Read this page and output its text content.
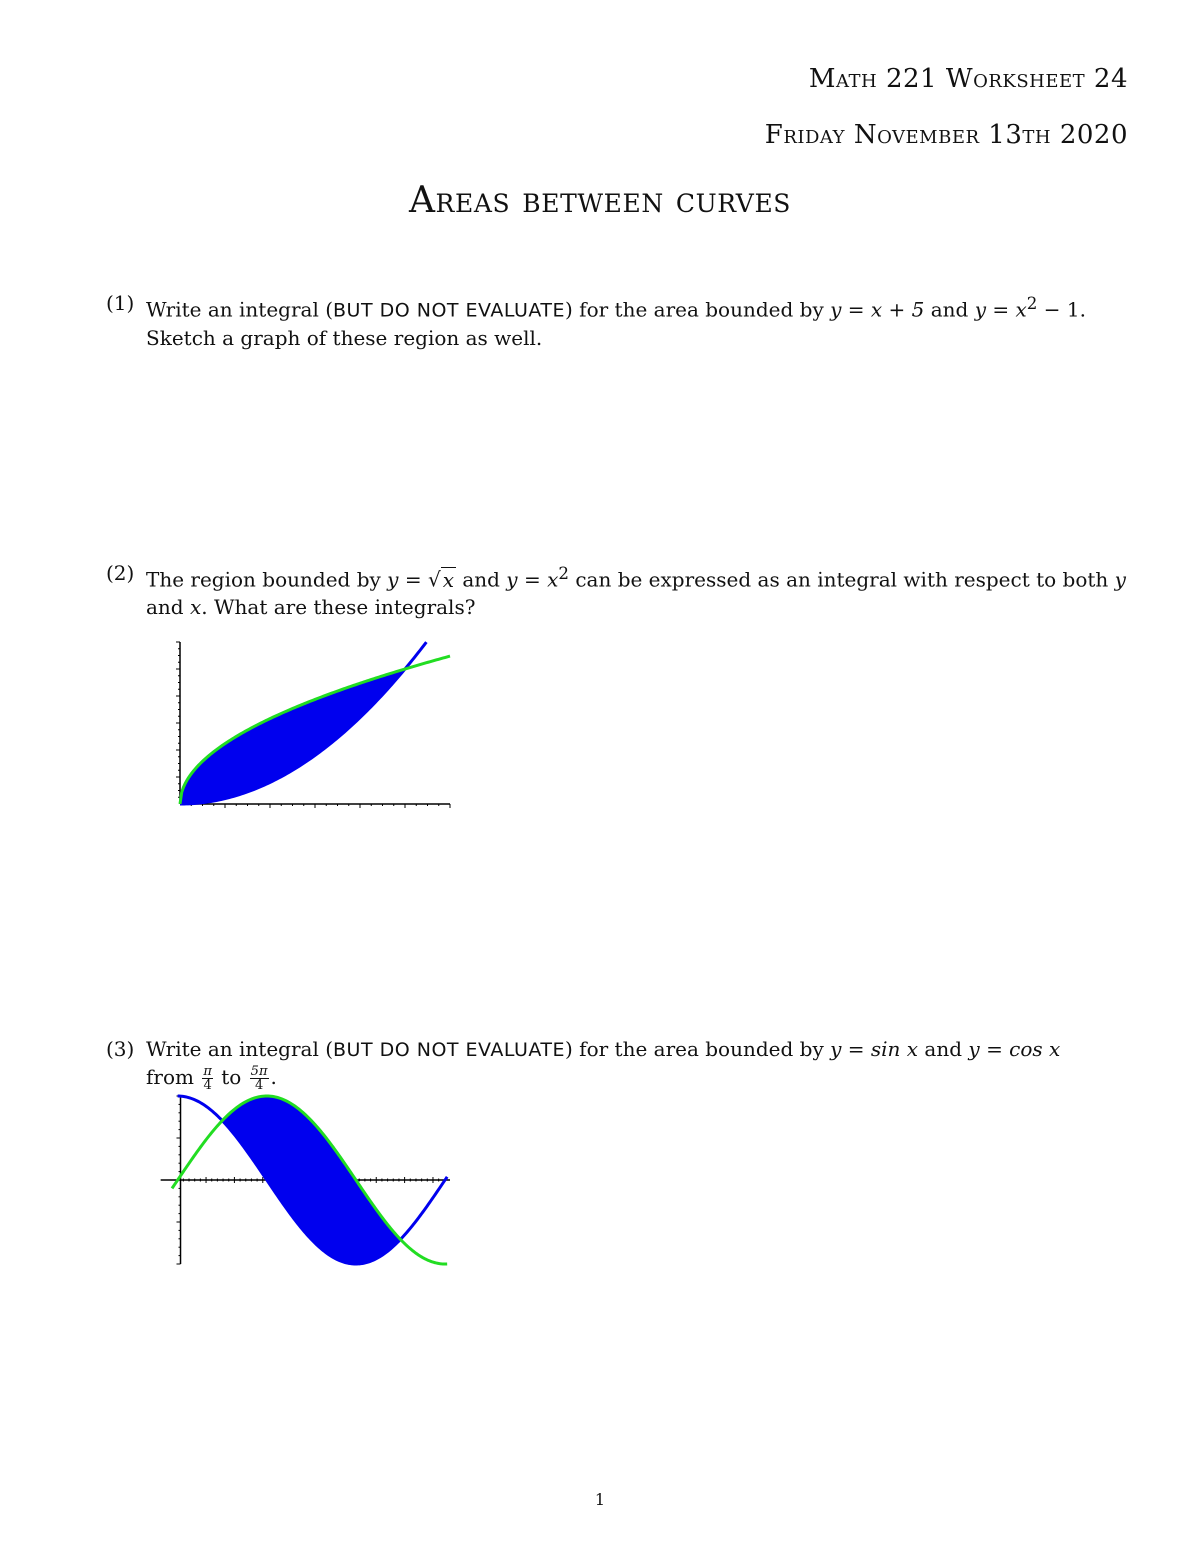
Math 221 Worksheet 24
Friday November 13th 2020
Areas between curves
(1) Write an integral (BUT DO NOT EVALUATE) for the area bounded by y = x + 5 and $y = x^2 - 1$.
Sketch a graph of these region as well.
(2) The region bounded by y = √ x and $y = x^2$ can be expressed as an integral with respect to both y
and x. What are these integrals?
(3) Write an integral (BUT DO NOT EVALUATE) for the area bounded by y = sin x and y = cos x
from $\frac{\pi}{4}$ to $\frac{5\pi}{4}$ .
1
